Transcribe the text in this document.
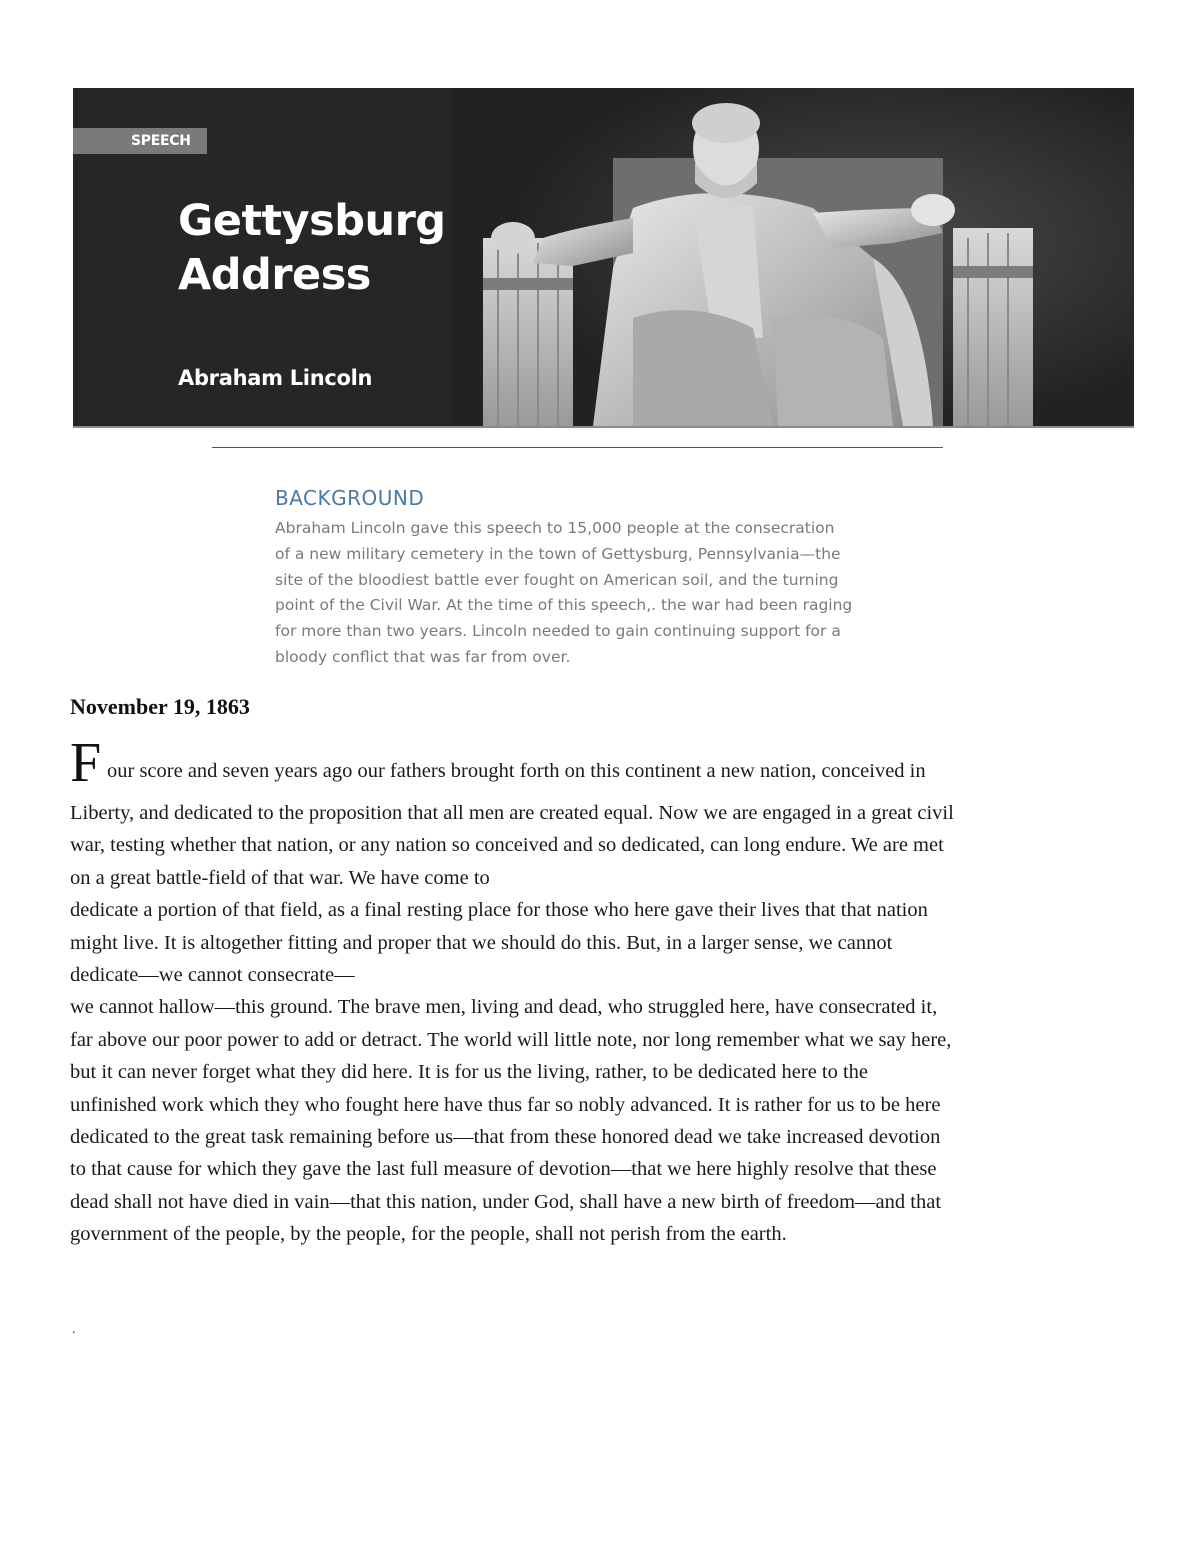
SPEECH
Gettysburg
Address
Abraham Lincoln
BACKGROUND
Abraham Lincoln gave this speech to 15,000 people at the consecration
of a new military cemetery in the town of Gettysburg, Pennsylvania—the
site of the bloodiest battle ever fought on American soil, and the turning
point of the Civil War. At the time of this speech,. the war had been raging
for more than two years. Lincoln needed to gain continuing support for a
bloody conflict that was far from over.
November 19, 1863
F our score and seven years ago our fathers brought forth on this continent a new nation, conceived in
Liberty, and dedicated to the proposition that all men are created equal. Now we are engaged in a great civil
war, testing whether that nation, or any nation so conceived and so dedicated, can long endure. We are met
on a great battle-field of that war. We have come to
dedicate a portion of that field, as a final resting place for those who here gave their lives that that nation
might live. It is altogether fitting and proper that we should do this. But, in a larger sense, we cannot
dedicate—we cannot consecrate—
we cannot hallow—this ground. The brave men, living and dead, who struggled here, have consecrated it,
far above our poor power to add or detract. The world will little note, nor long remember what we say here,
but it can never forget what they did here. It is for us the living, rather, to be dedicated here to the
unfinished work which they who fought here have thus far so nobly advanced. It is rather for us to be here
dedicated to the great task remaining before us—that from these honored dead we take increased devotion
to that cause for which they gave the last full measure of devotion—that we here highly resolve that these
dead shall not have died in vain—that this nation, under God, shall have a new birth of freedom—and that
government of the people, by the people, for the people, shall not perish from the earth.
.
